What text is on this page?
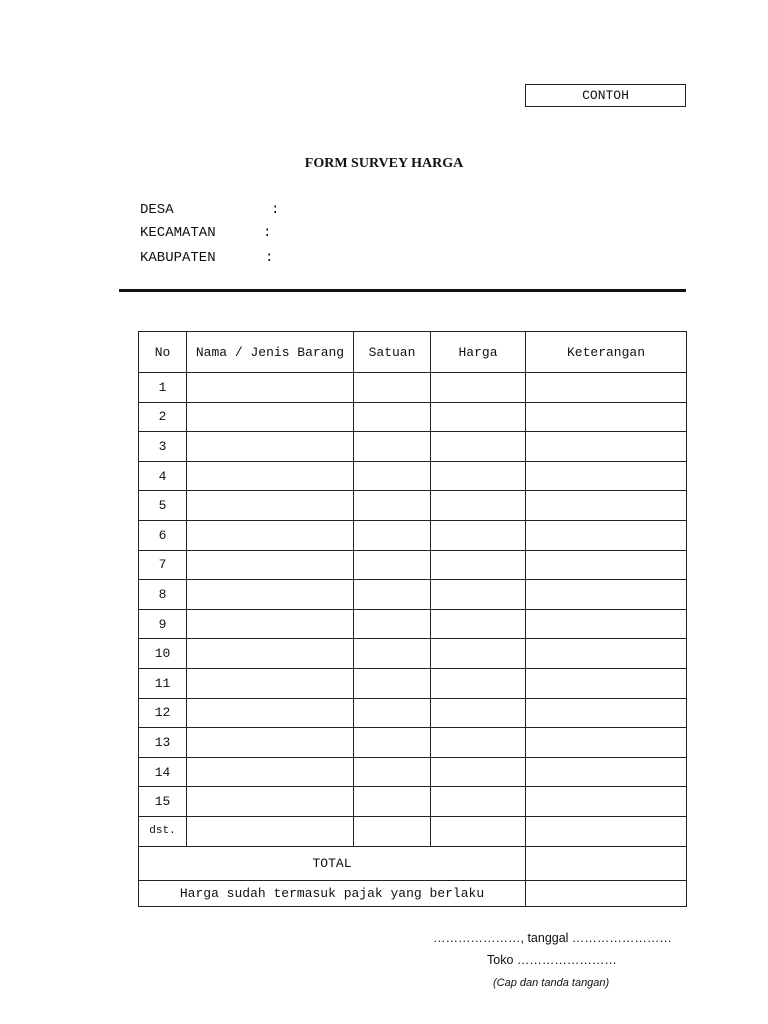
CONTOH
FORM SURVEY HARGA
DESA	:
KECAMATAN	:
KABUPATEN	:
No	Nama / Jenis Barang	Satuan	Harga	Keterangan
1				
2				
3				
4				
5				
6				
7				
8				
9				
10				
11				
12				
13				
14				
15				
dst.				
TOTAL				
Harga sudah termasuk pajak yang berlaku				
…………………, tanggal ……………………
Toko ……………………
(Cap dan tanda tangan)
